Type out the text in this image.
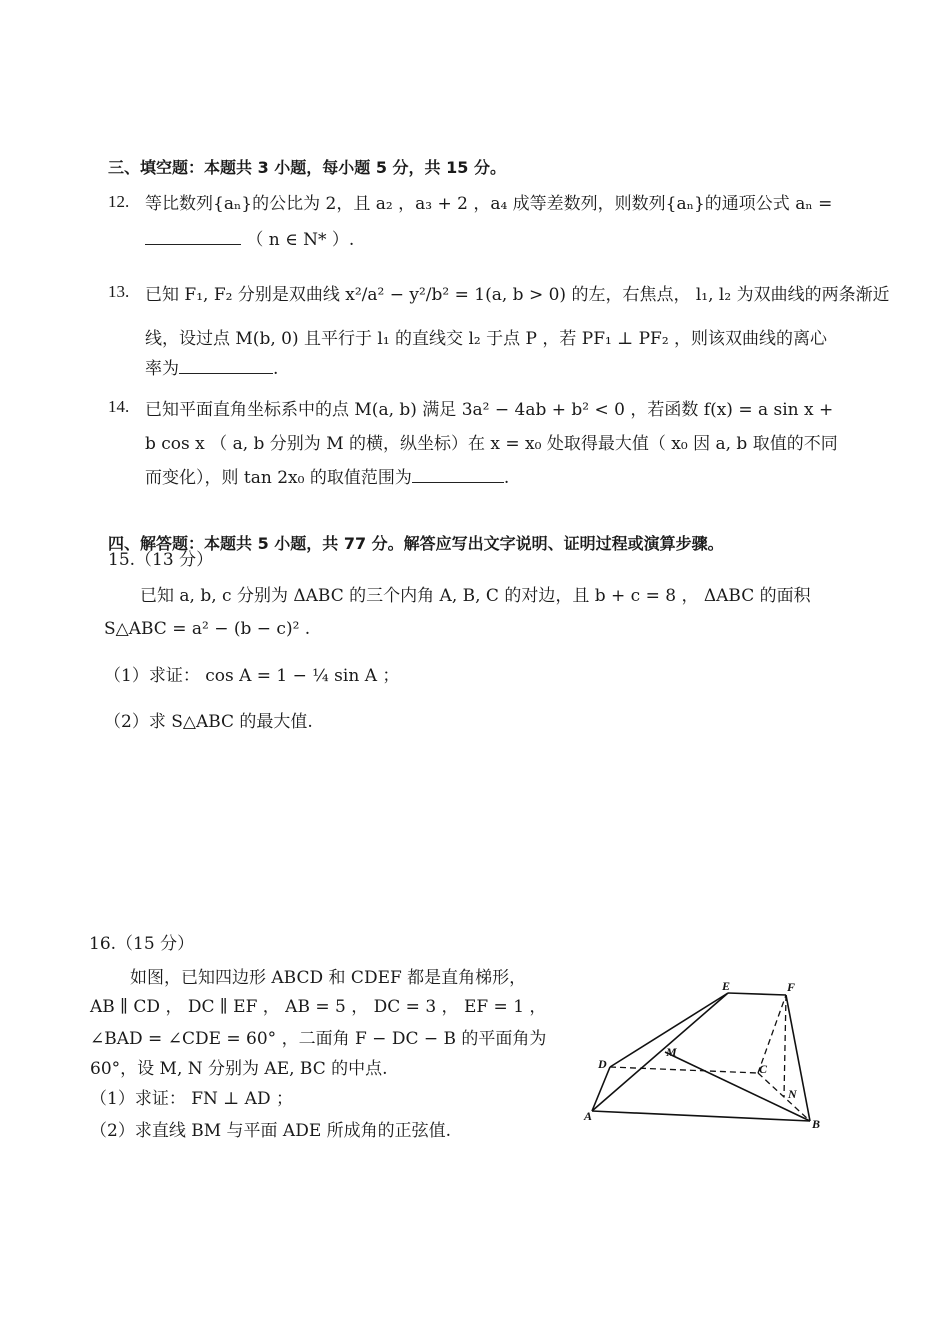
三、填空题：本题共 3 小题，每小题 5 分，共 15 分。
12. 等比数列{aₙ}的公比为 2，且 a₂ ，a₃ + 2 ，a₄ 成等差数列，则数列{aₙ}的通项公式 aₙ =
（ n ∈ N* ）.
13. 已知 F₁, F₂ 分别是双曲线 x²/a² − y²/b² = 1(a, b > 0) 的左，右焦点， l₁, l₂ 为双曲线的两条渐近
线，设过点 M(b, 0) 且平行于 l₁ 的直线交 l₂ 于点 P ，若 PF₁ ⊥ PF₂ ，则该双曲线的离心
率为	.
14. 已知平面直角坐标系中的点 M(a, b) 满足 3a² − 4ab + b² < 0 ，若函数 f(x) = a sin x +
b cos x （ a, b 分别为 M 的横，纵坐标）在 x = x₀ 处取得最大值（ x₀ 因 a, b 取值的不同
而变化），则 tan 2x₀ 的取值范围为	.
四、解答题：本题共 5 小题，共 77 分。解答应写出文字说明、证明过程或演算步骤。
15.（13 分）
已知 a, b, c 分别为 ΔABC 的三个内角 A, B, C 的对边，且 b + c = 8 ， ΔABC 的面积
S△ABC = a² − (b − c)² .
（1）求证： cos A = 1 − ¼ sin A ；
（2）求 S△ABC 的最大值.
16.（15 分）
如图，已知四边形 ABCD 和 CDEF 都是直角梯形，
AB ∥ CD ， DC ∥ EF ， AB = 5 ， DC = 3 ， EF = 1 ，
∠BAD = ∠CDE = 60° ，二面角 F − DC − B 的平面角为
60°，设 M, N 分别为 AE, BC 的中点.
（1）求证： FN ⊥ AD ；
（2）求直线 BM 与平面 ADE 所成角的正弦值.
E	F
D
M
C
N
A
B
